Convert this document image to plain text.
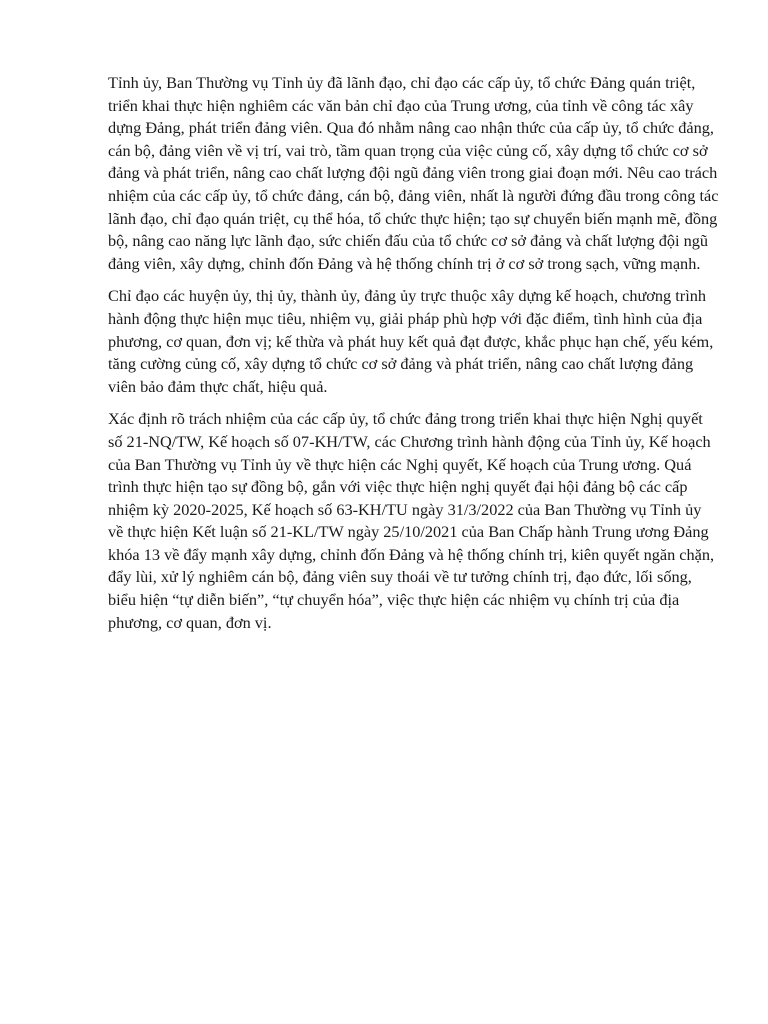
Tỉnh ủy, Ban Thường vụ Tỉnh ủy đã lãnh đạo, chỉ đạo các cấp ủy, tổ chức Đảng quán triệt, triển khai thực hiện nghiêm các văn bản chỉ đạo của Trung ương, của tỉnh về công tác xây dựng Đảng, phát triển đảng viên. Qua đó nhằm nâng cao nhận thức của cấp ủy, tổ chức đảng, cán bộ, đảng viên về vị trí, vai trò, tầm quan trọng của việc củng cố, xây dựng tổ chức cơ sở đảng và phát triển, nâng cao chất lượng đội ngũ đảng viên trong giai đoạn mới. Nêu cao trách nhiệm của các cấp ủy, tổ chức đảng, cán bộ, đảng viên, nhất là người đứng đầu trong công tác lãnh đạo, chỉ đạo quán triệt, cụ thể hóa, tổ chức thực hiện; tạo sự chuyển biến mạnh mẽ, đồng bộ, nâng cao năng lực lãnh đạo, sức chiến đấu của tổ chức cơ sở đảng và chất lượng đội ngũ đảng viên, xây dựng, chỉnh đốn Đảng và hệ thống chính trị ở cơ sở trong sạch, vững mạnh.

Chỉ đạo các huyện ủy, thị ủy, thành ủy, đảng ủy trực thuộc xây dựng kế hoạch, chương trình hành động thực hiện mục tiêu, nhiệm vụ, giải pháp phù hợp với đặc điểm, tình hình của địa phương, cơ quan, đơn vị; kế thừa và phát huy kết quả đạt được, khắc phục hạn chế, yếu kém, tăng cường củng cố, xây dựng tổ chức cơ sở đảng và phát triển, nâng cao chất lượng đảng viên bảo đảm thực chất, hiệu quả.

Xác định rõ trách nhiệm của các cấp ủy, tổ chức đảng trong triển khai thực hiện Nghị quyết số 21-NQ/TW, Kế hoạch số 07-KH/TW, các Chương trình hành động của Tỉnh ủy, Kế hoạch của Ban Thường vụ Tỉnh ủy về thực hiện các Nghị quyết, Kế hoạch của Trung ương. Quá trình thực hiện tạo sự đồng bộ, gắn với việc thực hiện nghị quyết đại hội đảng bộ các cấp nhiệm kỳ 2020-2025, Kế hoạch số 63-KH/TU ngày 31/3/2022 của Ban Thường vụ Tỉnh ủy về thực hiện Kết luận số 21-KL/TW ngày 25/10/2021 của Ban Chấp hành Trung ương Đảng khóa 13 về đẩy mạnh xây dựng, chỉnh đốn Đảng và hệ thống chính trị, kiên quyết ngăn chặn, đẩy lùi, xử lý nghiêm cán bộ, đảng viên suy thoái về tư tưởng chính trị, đạo đức, lối sống, biểu hiện “tự diễn biến”, “tự chuyển hóa”, việc thực hiện các nhiệm vụ chính trị của địa phương, cơ quan, đơn vị.
